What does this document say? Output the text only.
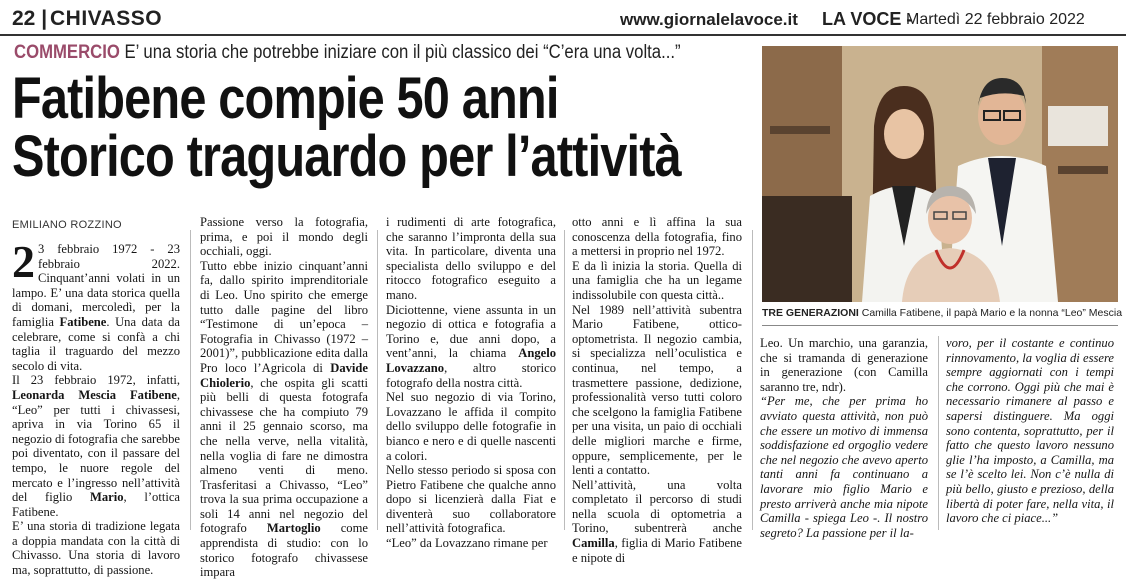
22 | CHIVASSO	www.giornalelavoce.it LA VOCE -
Martedì 22 febbraio 2022
COMMERCIO E’ una storia che potrebbe iniziare con il più classico dei “C’era una volta...”
Fatibene compie 50 anni
Storico traguardo per l’attività
EMILIANO ROZZINO

2 3 febbraio 1972 - 23 febbraio 2022. Cinquant’anni volati in un lampo. E’ una data storica quella di domani, mercoledì, per la famiglia Fatibene. Una data da celebrare, come si confà a chi taglia il traguardo del mezzo secolo di vita.

Il 23 febbraio 1972, infatti, Leonarda Mescia Fatibene, “Leo” per tutti i chivassesi, apriva in via Torino 65 il negozio di fotografia che sarebbe poi diventato, con il passare del tempo, le nuore regole del mercato e l’ingresso nell’attività del figlio Mario, l’ottica Fatibene.

E’ una storia di tradizione legata a doppia mandata con la città di Chivasso. Una storia di lavoro ma, soprattutto, di passione.

Passione verso la fotografia, prima, e poi il mondo degli occhiali, oggi.

Tutto ebbe inizio cinquant’anni fa, dallo spirito imprenditoriale di Leo. Uno spirito che emerge tutto dalle pagine del libro “Testimone di un’epoca – Fotografia in Chivasso (1972 – 2001)”, pubblicazione edita dalla Pro loco l’Agricola di Davide Chiolerio, che ospita gli scatti più belli di questa fotografa chivassese che ha compiuto 79 anni il 25 gennaio scorso, ma che nella verve, nella vitalità, nella voglia di fare ne dimostra almeno venti di meno. Trasferitasi a Chivasso, “Leo” trova la sua prima occupazione a soli 14 anni nel negozio del fotografo Martoglio come apprendista di studio: con lo storico fotografo chivassese impara

i rudimenti di arte fotografica, che saranno l’impronta della sua vita. In particolare, diventa una specialista dello sviluppo e del ritocco fotografico eseguito a mano.

Diciottenne, viene assunta in un negozio di ottica e fotografia a Torino e, due anni dopo, a vent’anni, la chiama Angelo Lovazzano, altro storico fotografo della nostra città.

Nel suo negozio di via Torino, Lovazzano le affida il compito dello sviluppo delle fotografie in bianco e nero e di quelle nascenti a colori.

Nello stesso periodo si sposa con Pietro Fatibene che qualche anno dopo si licenzierà dalla Fiat e diventerà suo collaboratore nell’attività fotografica.

“Leo” da Lovazzano rimane per

otto anni e lì affina la sua conoscenza della fotografia, fino a mettersi in proprio nel 1972.

E da lì inizia la storia. Quella di una famiglia che ha un legame indissolubile con questa città..

Nel 1989 nell’attività subentra Mario Fatibene, ottico-optometrista. Il negozio cambia, si specializza nell’oculistica e continua, nel tempo, a trasmettere passione, dedizione, professionalità verso tutti coloro che scelgono la famiglia Fatibene per una visita, un paio di occhiali delle migliori marche e firme, oppure, semplicemente, per le lenti a contatto.

Nell’attività, una volta completato il percorso di studi nella scuola di optometria a Torino, subentrerà anche Camilla, figlia di Mario Fatibene e nipote di

TRE GENERAZIONI Camilla Fatibene, il papà Mario e la nonna “Leo” Mescia

Leo. Un marchio, una garanzia, che si tramanda di generazione in generazione (con Camilla saranno tre, ndr).

“Per me, che per prima ho avviato questa attività, non può che essere un motivo di immensa soddisfazione ed orgoglio vedere che nel negozio che avevo aperto tanti anni fa continuano a lavorare mio figlio Mario e presto arriverà anche mia nipote Camilla - spiega Leo -. Il nostro segreto? La passione per il la-

voro, per il costante e continuo rinnovamento, la voglia di essere sempre aggiornati con i tempi che corrono. Oggi più che mai è necessario rimanere al passo e sapersi distinguere. Ma oggi sono contenta, soprattutto, per il fatto che questo lavoro nessuno glie l’ha imposto, a Camilla, ma se l’è scelto lei. Non c’è nulla di più bello, giusto e prezioso, della libertà di poter fare, nella vita, il lavoro che ci piace...”
